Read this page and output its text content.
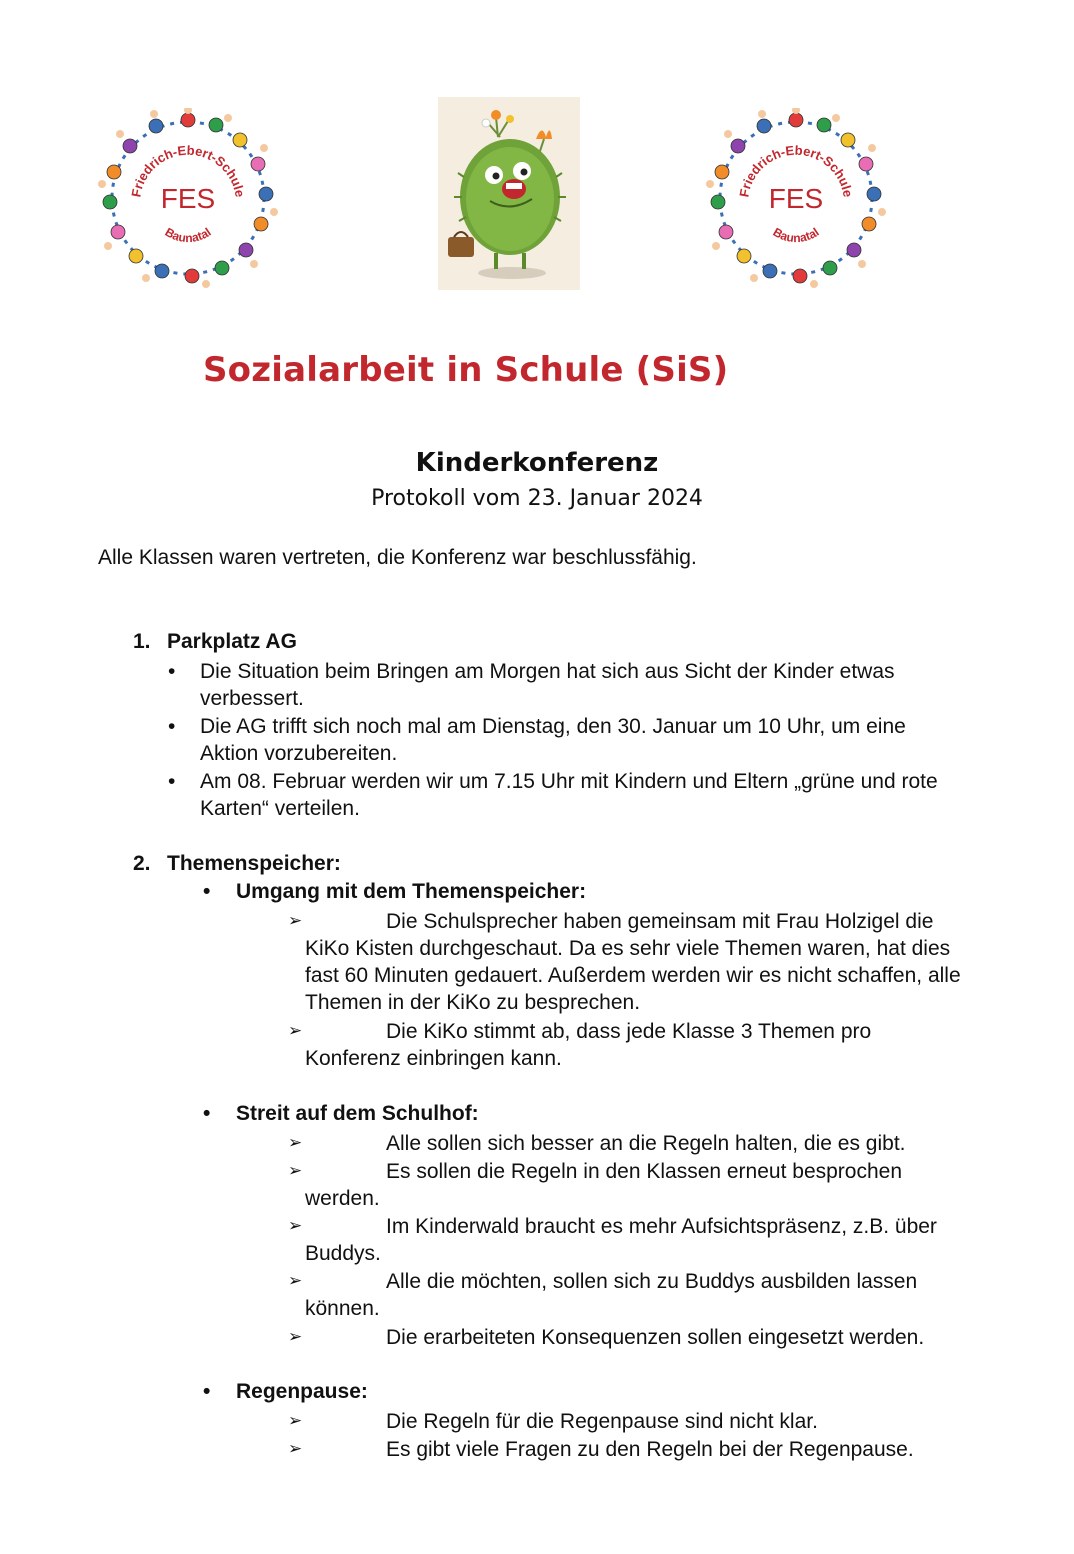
Friedrich-Ebert-Schule
FES
Baunatal
Friedrich-Ebert-Schule
FES
Baunatal
Sozialarbeit in Schule (SiS)
Kinderkonferenz
Protokoll vom 23. Januar 2024
Alle Klassen waren vertreten, die Konferenz war beschlussfähig.
1. Parkplatz AG
• Die Situation beim Bringen am Morgen hat sich aus Sicht der Kinder etwas verbessert.
• Die AG trifft sich noch mal am Dienstag, den 30. Januar um 10 Uhr, um eine Aktion vorzubereiten.
• Am 08. Februar werden wir um 7.15 Uhr mit Kindern und Eltern „grüne und rote Karten“ verteilen.
2. Themenspeicher:
• Umgang mit dem Themenspeicher:
➢	Die Schulsprecher haben gemeinsam mit Frau Holzigel die KiKo Kisten durchgeschaut. Da es sehr viele Themen waren, hat dies fast 60 Minuten gedauert. Außerdem werden wir es nicht schaffen, alle Themen in der KiKo zu besprechen.
➢	Die KiKo stimmt ab, dass jede Klasse 3 Themen pro Konferenz einbringen kann.
• Streit auf dem Schulhof:
➢	Alle sollen sich besser an die Regeln halten, die es gibt.
➢	Es sollen die Regeln in den Klassen erneut besprochen werden.
➢	Im Kinderwald braucht es mehr Aufsichtspräsenz, z.B. über Buddys.
➢	Alle die möchten, sollen sich zu Buddys ausbilden lassen können.
➢	Die erarbeiteten Konsequenzen sollen eingesetzt werden.
• Regenpause:
➢	Die Regeln für die Regenpause sind nicht klar.
➢	Es gibt viele Fragen zu den Regeln bei der Regenpause.
